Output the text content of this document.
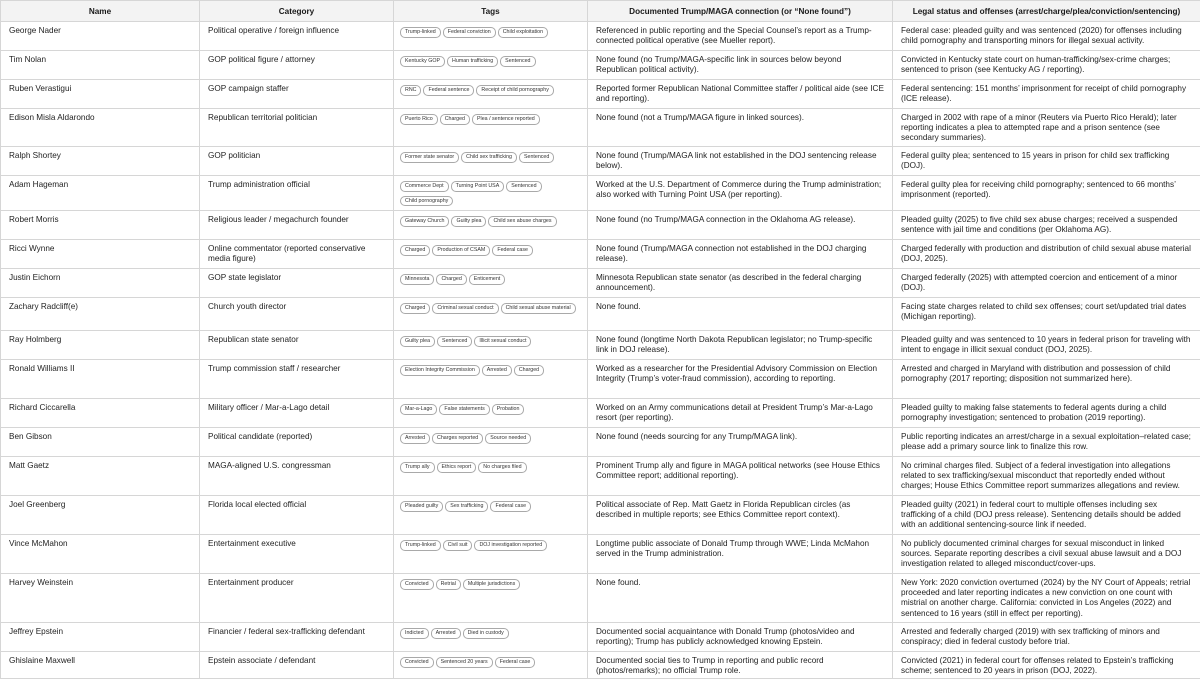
Name	Category	Tags	Documented Trump/MAGA connection (or “None found”)	Legal status and offenses (arrest/charge/plea/conviction/sentencing)
George Nader	Political operative / foreign influence	Trump-linked Federal conviction Child exploitation	Referenced in public reporting and the Special Counsel’s report as a Trump-connected political operative (see Mueller report).	Federal case: pleaded guilty and was sentenced (2020) for offenses including child pornography and transporting minors for illegal sexual activity.
Tim Nolan	GOP political figure / attorney	Kentucky GOP Human trafficking Sentenced	None found (no Trump/MAGA-specific link in sources below beyond Republican political activity).	Convicted in Kentucky state court on human-trafficking/sex-crime charges; sentenced to prison (see Kentucky AG / reporting).
Ruben Verastigui	GOP campaign staffer	RNC Federal sentence Receipt of child pornography	Reported former Republican National Committee staffer / political aide (see ICE and reporting).	Federal sentencing: 151 months’ imprisonment for receipt of child pornography (ICE release).
Edison Misla Aldarondo	Republican territorial politician	Puerto Rico Charged Plea / sentence reported	None found (not a Trump/MAGA figure in linked sources).	Charged in 2002 with rape of a minor (Reuters via Puerto Rico Herald); later reporting indicates a plea to attempted rape and a prison sentence (see secondary summaries).
Ralph Shortey	GOP politician	Former state senator Child sex trafficking Sentenced	None found (Trump/MAGA link not established in the DOJ sentencing release below).	Federal guilty plea; sentenced to 15 years in prison for child sex trafficking (DOJ).
Adam Hageman	Trump administration official	Commerce Dept Turning Point USA SentencedChild pornography	Worked at the U.S. Department of Commerce during the Trump administration; also worked with Turning Point USA (per reporting).	Federal guilty plea for receiving child pornography; sentenced to 66 months’ imprisonment (reported).
Robert Morris	Religious leader / megachurch founder	Gateway Church Guilty plea Child sex abuse charges	None found (no Trump/MAGA connection in the Oklahoma AG release).	Pleaded guilty (2025) to five child sex abuse charges; received a suspended sentence with jail time and conditions (per Oklahoma AG).
Ricci Wynne	Online commentator (reported conservative media figure)	Charged Production of CSAM Federal case	None found (Trump/MAGA connection not established in the DOJ charging release).	Charged federally with production and distribution of child sexual abuse material (DOJ, 2025).
Justin Eichorn	GOP state legislator	Minnesota Charged Enticement	Minnesota Republican state senator (as described in the federal charging announcement).	Charged federally (2025) with attempted coercion and enticement of a minor (DOJ).
Zachary Radcliff(e)	Church youth director	Charged Criminal sexual conduct Child sexual abuse material	None found.	Facing state charges related to child sex offenses; court set/updated trial dates (Michigan reporting).
Ray Holmberg	Republican state senator	Guilty plea Sentenced Illicit sexual conduct	None found (longtime North Dakota Republican legislator; no Trump-specific link in DOJ release).	Pleaded guilty and was sentenced to 10 years in federal prison for traveling with intent to engage in illicit sexual conduct (DOJ, 2025).
Ronald Williams II	Trump commission staff / researcher	Election Integrity Commission Arrested Charged	Worked as a researcher for the Presidential Advisory Commission on Election Integrity (Trump’s voter-fraud commission), according to reporting.	Arrested and charged in Maryland with distribution and possession of child pornography (2017 reporting; disposition not summarized here).
Richard Ciccarella	Military officer / Mar-a-Lago detail	Mar-a-Lago False statements Probation	Worked on an Army communications detail at President Trump’s Mar-a-Lago resort (per reporting).	Pleaded guilty to making false statements to federal agents during a child pornography investigation; sentenced to probation (2019 reporting).
Ben Gibson	Political candidate (reported)	Arrested Charges reported Source needed	None found (needs sourcing for any Trump/MAGA link).	Public reporting indicates an arrest/charge in a sexual exploitation–related case; please add a primary source link to finalize this row.
Matt Gaetz	MAGA-aligned U.S. congressman	Trump ally Ethics report No charges filed	Prominent Trump ally and figure in MAGA political networks (see House Ethics Committee report; additional reporting).	No criminal charges filed. Subject of a federal investigation into allegations related to sex trafficking/sexual misconduct that reportedly ended without charges; House Ethics Committee report summarizes allegations and review.
Joel Greenberg	Florida local elected official	Pleaded guilty Sex trafficking Federal case	Political associate of Rep. Matt Gaetz in Florida Republican circles (as described in multiple reports; see Ethics Committee report context).	Pleaded guilty (2021) in federal court to multiple offenses including sex trafficking of a child (DOJ press release). Sentencing details should be added with an additional sentencing-source link if needed.
Vince McMahon	Entertainment executive	Trump-linked Civil suit DOJ investigation reported	Longtime public associate of Donald Trump through WWE; Linda McMahon served in the Trump administration.	No publicly documented criminal charges for sexual misconduct in linked sources. Separate reporting describes a civil sexual abuse lawsuit and a DOJ investigation related to alleged misconduct/cover-ups.
Harvey Weinstein	Entertainment producer	Convicted Retrial Multiple jurisdictions	None found.	New York: 2020 conviction overturned (2024) by the NY Court of Appeals; retrial proceeded and later reporting indicates a new conviction on one count with mistrial on another charge. California: convicted in Los Angeles (2022) and sentenced to 16 years (still in effect per reporting).
Jeffrey Epstein	Financier / federal sex-trafficking defendant	Indicted Arrested Died in custody	Documented social acquaintance with Donald Trump (photos/video and reporting); Trump has publicly acknowledged knowing Epstein.	Arrested and federally charged (2019) with sex trafficking of minors and conspiracy; died in federal custody before trial.
Ghislaine Maxwell	Epstein associate / defendant	Convicted Sentenced 20 years Federal case	Documented social ties to Trump in reporting and public record (photos/remarks); no official Trump role.	Convicted (2021) in federal court for offenses related to Epstein’s trafficking scheme; sentenced to 20 years in prison (DOJ, 2022).
